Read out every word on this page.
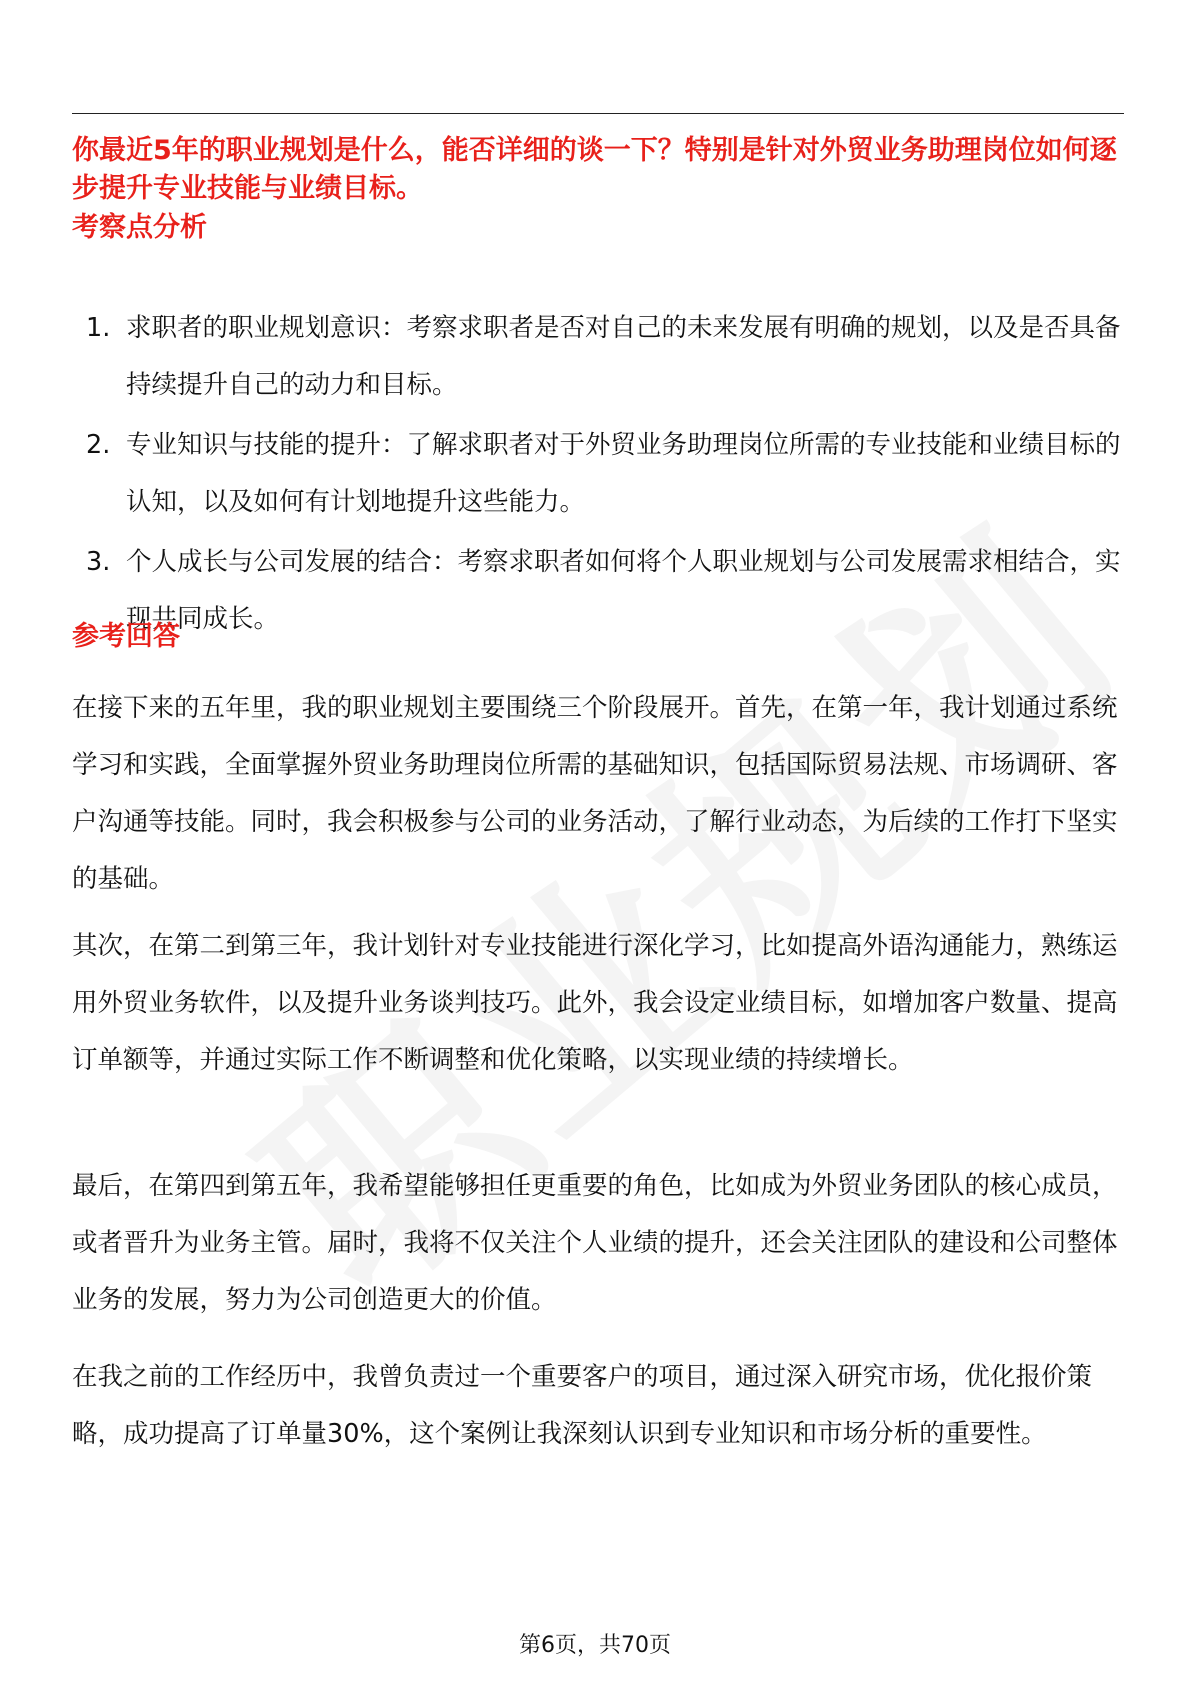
你最近5年的职业规划是什么，能否详细的谈一下？特别是针对外贸业务助理岗位如何逐步提升专业技能与业绩目标。
考察点分析
1. 求职者的职业规划意识：考察求职者是否对自己的未来发展有明确的规划，以及是否具备持续提升自己的动力和目标。
2. 专业知识与技能的提升：了解求职者对于外贸业务助理岗位所需的专业技能和业绩目标的认知，以及如何有计划地提升这些能力。
3. 个人成长与公司发展的结合：考察求职者如何将个人职业规划与公司发展需求相结合，实现共同成长。
参考回答

在接下来的五年里，我的职业规划主要围绕三个阶段展开。首先，在第一年，我计划通过系统学习和实践，全面掌握外贸业务助理岗位所需的基础知识，包括国际贸易法规、市场调研、客户沟通等技能。同时，我会积极参与公司的业务活动，了解行业动态，为后续的工作打下坚实的基础。

其次，在第二到第三年，我计划针对专业技能进行深化学习，比如提高外语沟通能力，熟练运用外贸业务软件，以及提升业务谈判技巧。此外，我会设定业绩目标，如增加客户数量、提高订单额等，并通过实际工作不断调整和优化策略，以实现业绩的持续增长。

最后，在第四到第五年，我希望能够担任更重要的角色，比如成为外贸业务团队的核心成员，或者晋升为业务主管。届时，我将不仅关注个人业绩的提升，还会关注团队的建设和公司整体业务的发展，努力为公司创造更大的价值。

在我之前的工作经历中，我曾负责过一个重要客户的项目，通过深入研究市场，优化报价策略，成功提高了订单量30%，这个案例让我深刻认识到专业知识和市场分析的重要性。

第6页，共70页
